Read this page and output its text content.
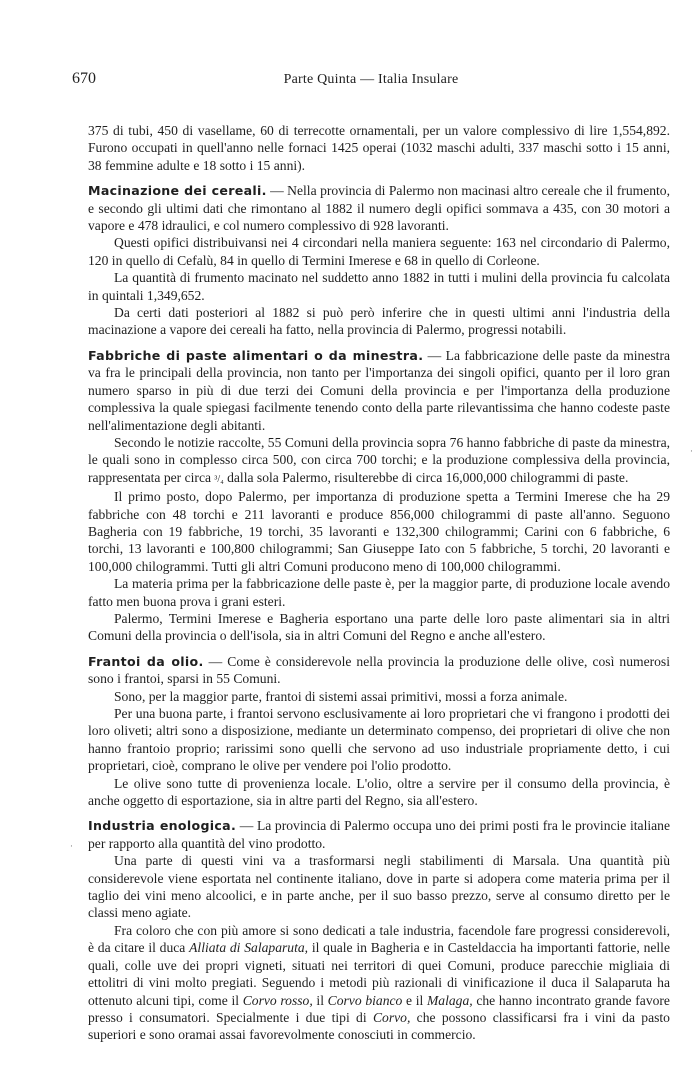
670	Parte Quinta — Italia Insulare
·
·

375 di tubi, 450 di vasellame, 60 di terrecotte ornamentali, per un valore complessivo di lire 1,554,892. Furono occupati in quell'anno nelle fornaci 1425 operai (1032 maschi adulti, 337 maschi sotto i 15 anni, 38 femmine adulte e 18 sotto i 15 anni).

Macinazione dei cereali. — Nella provincia di Palermo non macinasi altro cereale che il frumento, e secondo gli ultimi dati che rimontano al 1882 il numero degli opifici sommava a 435, con 30 motori a vapore e 478 idraulici, e col numero complessivo di 928 lavoranti.

Questi opifici distribuivansi nei 4 circondari nella maniera seguente: 163 nel circondario di Palermo, 120 in quello di Cefalù, 84 in quello di Termini Imerese e 68 in quello di Corleone.

La quantità di frumento macinato nel suddetto anno 1882 in tutti i mulini della provincia fu calcolata in quintali 1,349,652.

Da certi dati posteriori al 1882 si può però inferire che in questi ultimi anni l'industria della macinazione a vapore dei cereali ha fatto, nella provincia di Palermo, progressi notabili.

Fabbriche di paste alimentari o da minestra. — La fabbricazione delle paste da minestra va fra le principali della provincia, non tanto per l'importanza dei singoli opifici, quanto per il loro gran numero sparso in più di due terzi dei Comuni della provincia e per l'importanza della produzione complessiva la quale spiegasi facilmente tenendo conto della parte rilevantissima che hanno codeste paste nell'alimentazione degli abitanti.

Secondo le notizie raccolte, 55 Comuni della provincia sopra 76 hanno fabbriche di paste da minestra, le quali sono in complesso circa 500, con circa 700 torchi; e la produzione complessiva della provincia, rappresentata per circa ³/₄ dalla sola Palermo, risulterebbe di circa 16,000,000 chilogrammi di paste.

Il primo posto, dopo Palermo, per importanza di produzione spetta a Termini Imerese che ha 29 fabbriche con 48 torchi e 211 lavoranti e produce 856,000 chilogrammi di paste all'anno. Seguono Bagheria con 19 fabbriche, 19 torchi, 35 lavoranti e 132,300 chilogrammi; Carini con 6 fabbriche, 6 torchi, 13 lavoranti e 100,800 chilogrammi; San Giuseppe Iato con 5 fabbriche, 5 torchi, 20 lavoranti e 100,000 chilogrammi. Tutti gli altri Comuni producono meno di 100,000 chilogrammi.

La materia prima per la fabbricazione delle paste è, per la maggior parte, di produzione locale avendo fatto men buona prova i grani esteri.

Palermo, Termini Imerese e Bagheria esportano una parte delle loro paste alimentari sia in altri Comuni della provincia o dell'isola, sia in altri Comuni del Regno e anche all'estero.

Frantoi da olio. — Come è considerevole nella provincia la produzione delle olive, così numerosi sono i frantoi, sparsi in 55 Comuni.

Sono, per la maggior parte, frantoi di sistemi assai primitivi, mossi a forza animale.

Per una buona parte, i frantoi servono esclusivamente ai loro proprietari che vi frangono i prodotti dei loro oliveti; altri sono a disposizione, mediante un determinato compenso, dei proprietari di olive che non hanno frantoio proprio; rarissimi sono quelli che servono ad uso industriale propriamente detto, i cui proprietari, cioè, comprano le olive per vendere poi l'olio prodotto.

Le olive sono tutte di provenienza locale. L'olio, oltre a servire per il consumo della provincia, è anche oggetto di esportazione, sia in altre parti del Regno, sia all'estero.

Industria enologica. — La provincia di Palermo occupa uno dei primi posti fra le provincie italiane per rapporto alla quantità del vino prodotto.

Una parte di questi vini va a trasformarsi negli stabilimenti di Marsala. Una quantità più considerevole viene esportata nel continente italiano, dove in parte si adopera come materia prima per il taglio dei vini meno alcoolici, e in parte anche, per il suo basso prezzo, serve al consumo diretto per le classi meno agiate.

Fra coloro che con più amore si sono dedicati a tale industria, facendole fare progressi considerevoli, è da citare il duca Alliata di Salaparuta, il quale in Bagheria e in Casteldaccia ha importanti fattorie, nelle quali, colle uve dei propri vigneti, situati nei territori di quei Comuni, produce parecchie migliaia di ettolitri di vini molto pregiati. Seguendo i metodi più razionali di vinificazione il duca il Salaparuta ha ottenuto alcuni tipi, come il Corvo rosso, il Corvo bianco e il Malaga, che hanno incontrato grande favore presso i consumatori. Specialmente i due tipi di Corvo, che possono classificarsi fra i vini da pasto superiori e sono oramai assai favorevolmente conosciuti in commercio.
